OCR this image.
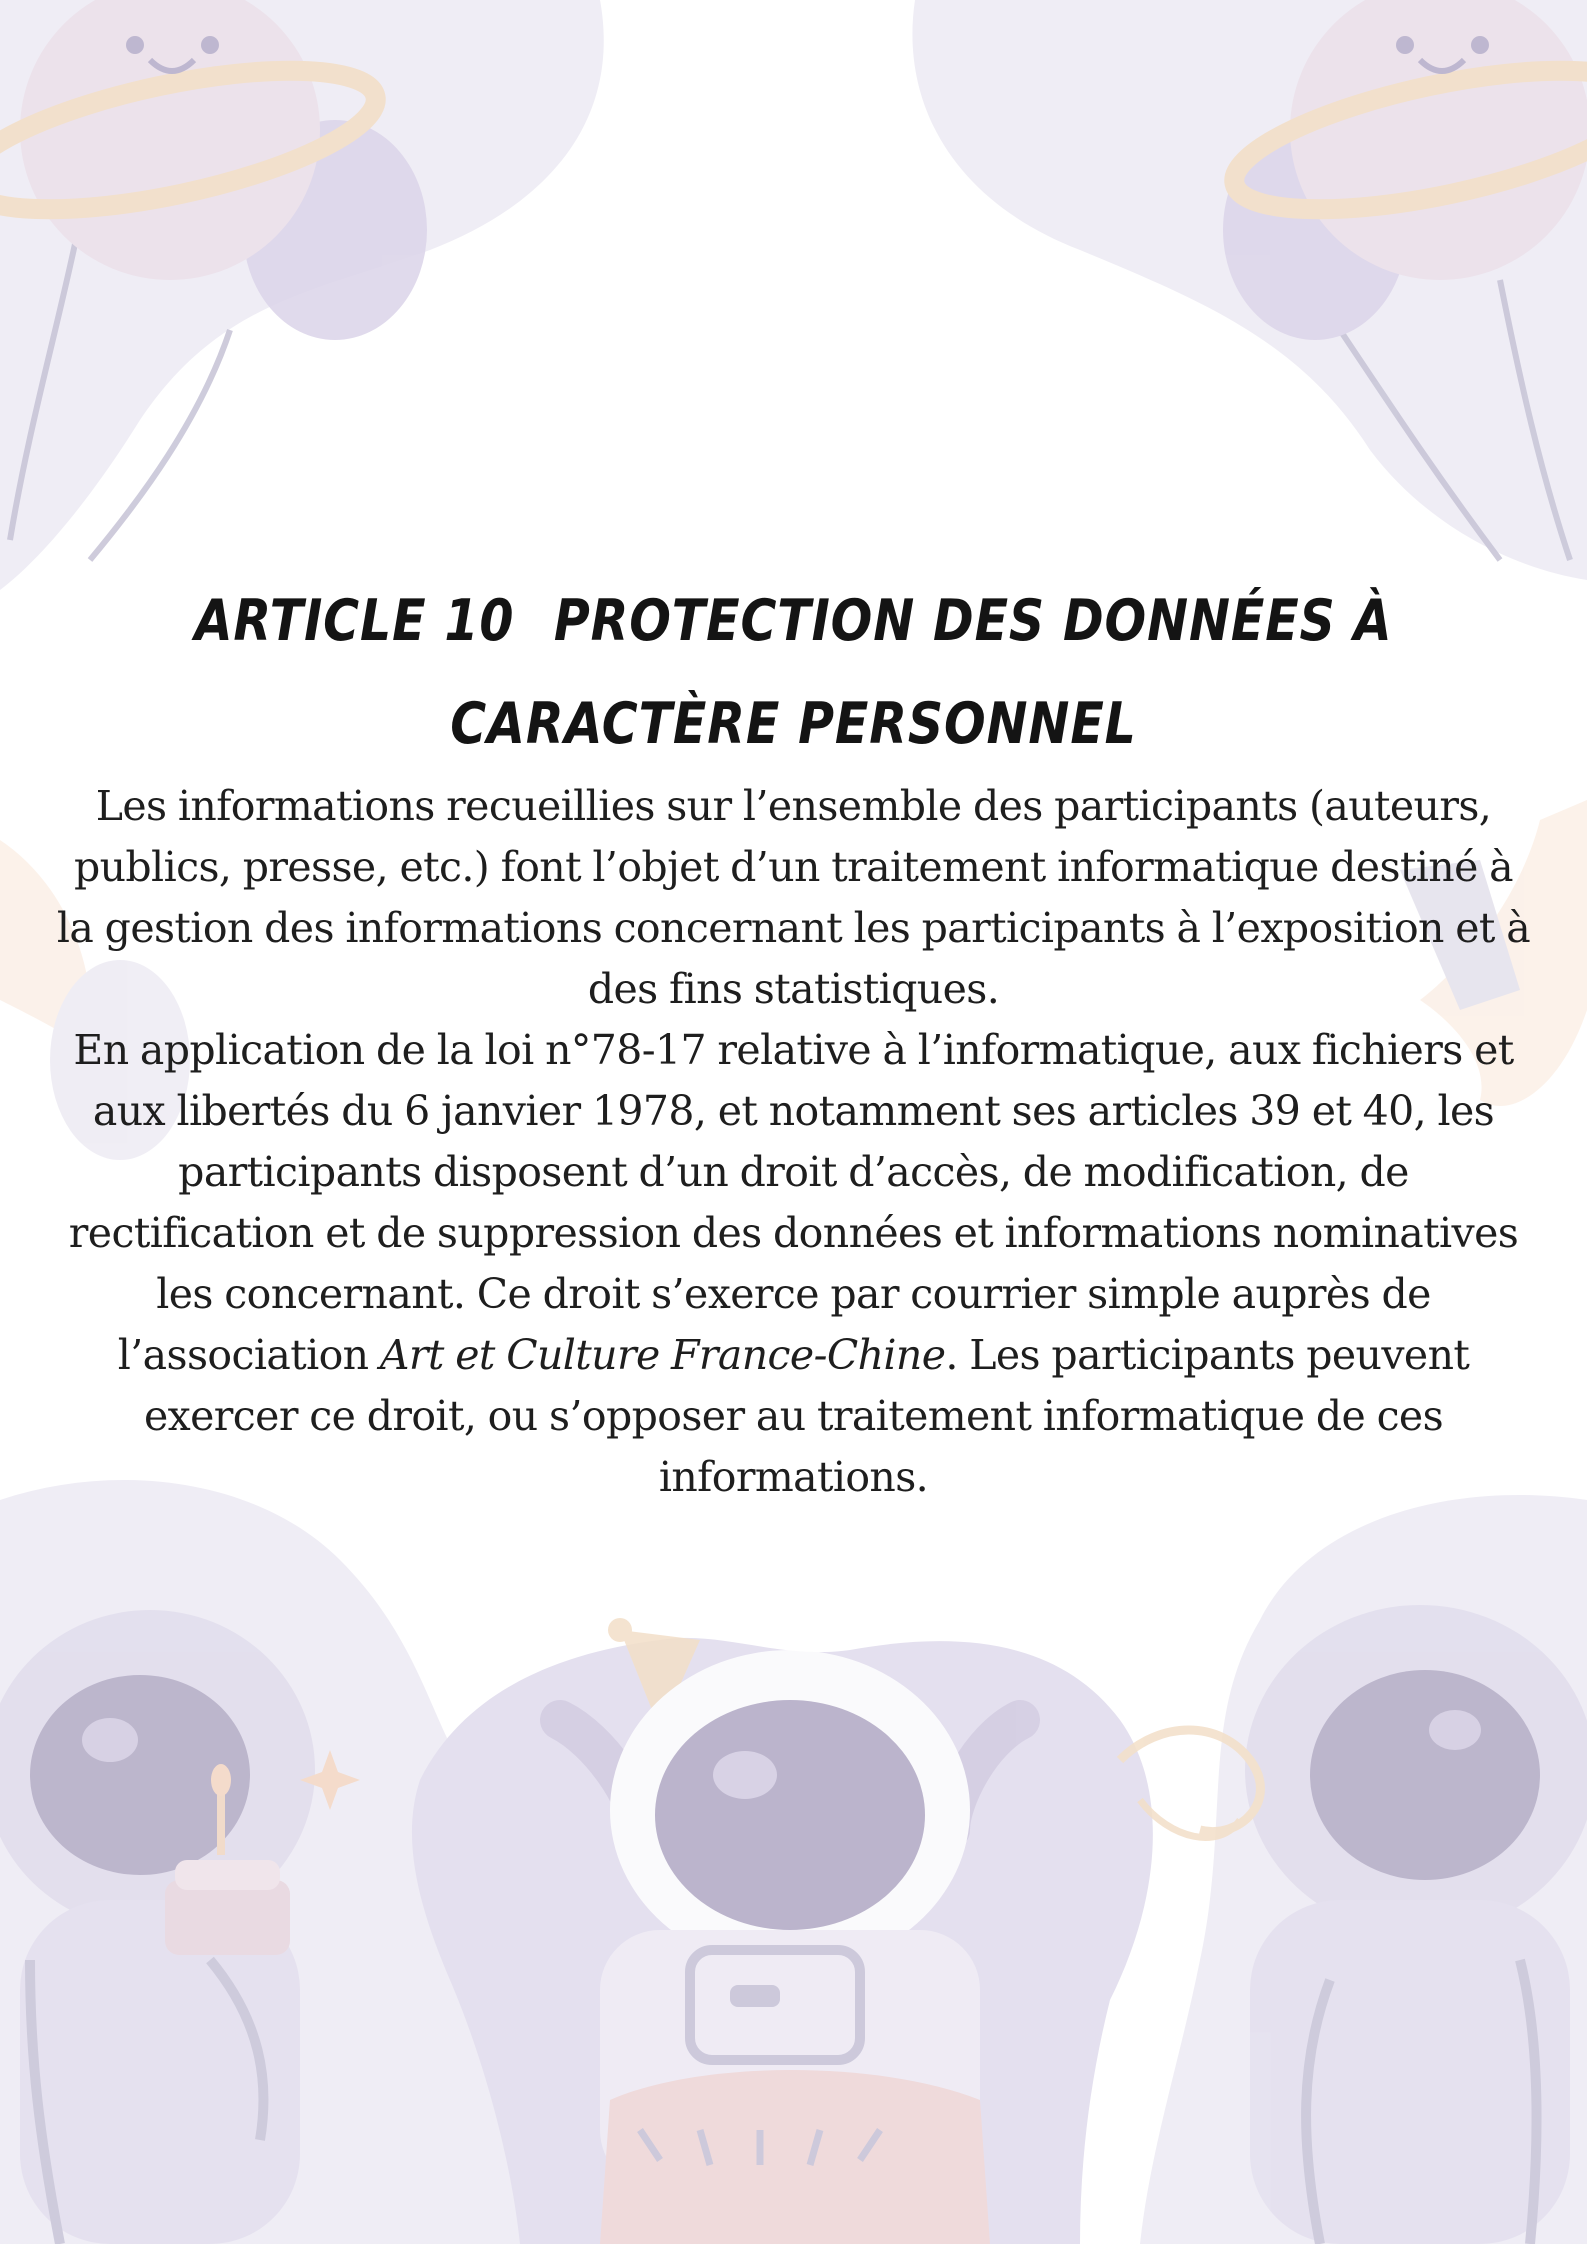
ARTICLE 10 PROTECTION DES DONNÉES À CARACTÈRE PERSONNEL

Les informations recueillies sur l’ensemble des participants (auteurs, publics, presse, etc.) font l’objet d’un traitement informatique destiné à la gestion des informations concernant les participants à l’exposition et à des fins statistiques.
En application de la loi n°78-17 relative à l’informatique, aux fichiers et aux libertés du 6 janvier 1978, et notamment ses articles 39 et 40, les participants disposent d’un droit d’accès, de modification, de rectification et de suppression des données et informations nominatives les concernant. Ce droit s’exerce par courrier simple auprès de l’association Art et Culture France-Chine. Les participants peuvent exercer ce droit, ou s’opposer au traitement informatique de ces informations.
